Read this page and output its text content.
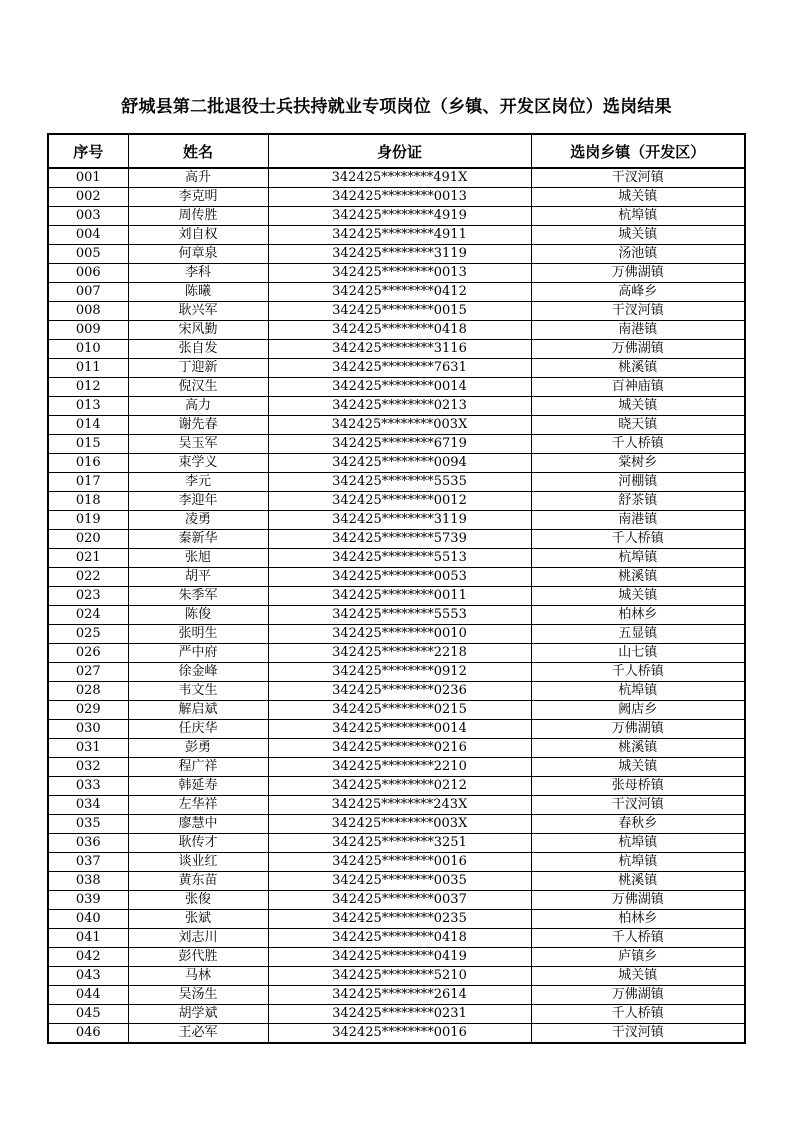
舒城县第二批退役士兵扶持就业专项岗位（乡镇、开发区岗位）选岗结果
序号	姓名	身份证	选岗乡镇（开发区）
001	高升	342425********491X	干汊河镇
002	李克明	342425********0013	城关镇
003	周传胜	342425********4919	杭埠镇
004	刘自权	342425********4911	城关镇
005	何章泉	342425********3119	汤池镇
006	李科	342425********0013	万佛湖镇
007	陈曦	342425********0412	高峰乡
008	耿兴军	342425********0015	干汊河镇
009	宋风勤	342425********0418	南港镇
010	张自发	342425********3116	万佛湖镇
011	丁迎新	342425********7631	桃溪镇
012	倪汉生	342425********0014	百神庙镇
013	高力	342425********0213	城关镇
014	谢先春	342425********003X	晓天镇
015	吴玉军	342425********6719	千人桥镇
016	束学义	342425********0094	棠树乡
017	李元	342425********5535	河棚镇
018	李迎年	342425********0012	舒茶镇
019	凌勇	342425********3119	南港镇
020	秦新华	342425********5739	千人桥镇
021	张旭	342425********5513	杭埠镇
022	胡平	342425********0053	桃溪镇
023	朱季军	342425********0011	城关镇
024	陈俊	342425********5553	柏林乡
025	张明生	342425********0010	五显镇
026	严中府	342425********2218	山七镇
027	徐金峰	342425********0912	千人桥镇
028	韦文生	342425********0236	杭埠镇
029	解启斌	342425********0215	阙店乡
030	任庆华	342425********0014	万佛湖镇
031	彭勇	342425********0216	桃溪镇
032	程广祥	342425********2210	城关镇
033	韩延寿	342425********0212	张母桥镇
034	左华祥	342425********243X	干汊河镇
035	廖慧中	342425********003X	春秋乡
036	耿传才	342425********3251	杭埠镇
037	谈业红	342425********0016	杭埠镇
038	黄东苗	342425********0035	桃溪镇
039	张俊	342425********0037	万佛湖镇
040	张斌	342425********0235	柏林乡
041	刘志川	342425********0418	千人桥镇
042	彭代胜	342425********0419	庐镇乡
043	马林	342425********5210	城关镇
044	吴汤生	342425********2614	万佛湖镇
045	胡学斌	342425********0231	千人桥镇
046	王必军	342425********0016	干汊河镇
